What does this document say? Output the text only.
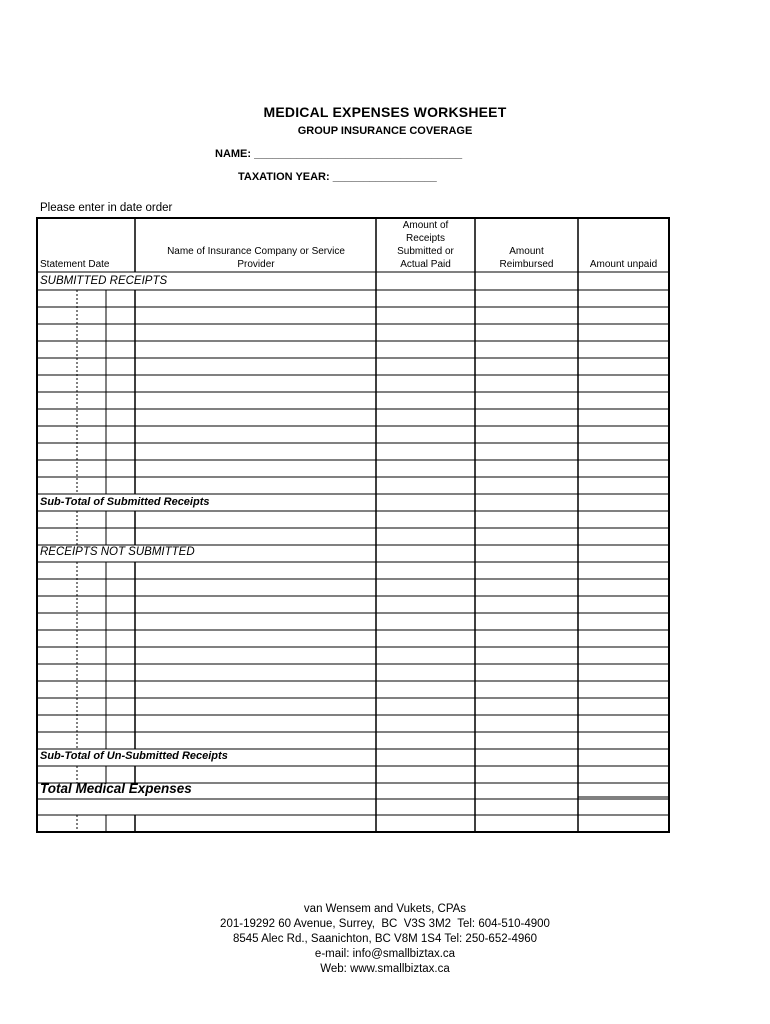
MEDICAL EXPENSES WORKSHEET
GROUP INSURANCE COVERAGE
NAME: __________________________________
TAXATION YEAR: _________________
Please enter in date order
Statement Date
Name of Insurance Company or Service
Provider
Amount of
Receipts
Submitted or
Actual Paid
Amount
Reimbursed	Amount unpaid
SUBMITTED RECEIPTS
Sub-Total of Submitted Receipts
RECEIPTS NOT SUBMITTED
Sub-Total of Un-Submitted Receipts
Total Medical Expenses
van Wensem and Vukets, CPAs
201-19292 60 Avenue, Surrey,  BC  V3S 3M2  Tel: 604-510-4900
8545 Alec Rd., Saanichton, BC V8M 1S4 Tel: 250-652-4960
e-mail: info@smallbiztax.ca
Web: www.smallbiztax.ca
